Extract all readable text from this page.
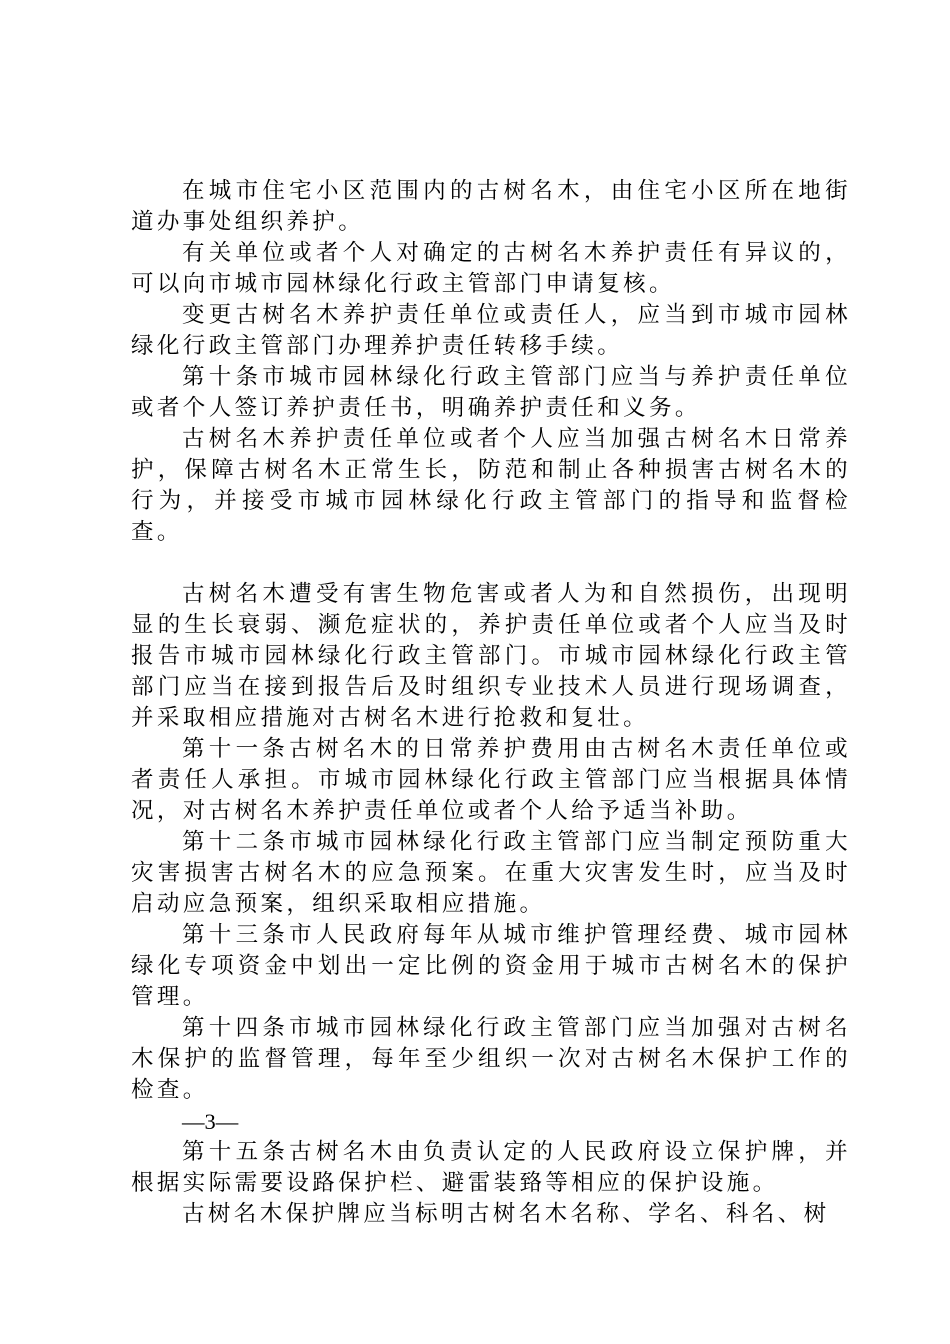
在城市住宅小区范围内的古树名木，由住宅小区所在地街道办事处组织养护。

有关单位或者个人对确定的古树名木养护责任有异议的，可以向市城市园林绿化行政主管部门申请复核。

变更古树名木养护责任单位或责任人，应当到市城市园林绿化行政主管部门办理养护责任转移手续。

第十条市城市园林绿化行政主管部门应当与养护责任单位或者个人签订养护责任书，明确养护责任和义务。

古树名木养护责任单位或者个人应当加强古树名木日常养护，保障古树名木正常生长，防范和制止各种损害古树名木的行为，并接受市城市园林绿化行政主管部门的指导和监督检查。

古树名木遭受有害生物危害或者人为和自然损伤，出现明显的生长衰弱、濒危症状的，养护责任单位或者个人应当及时报告市城市园林绿化行政主管部门。市城市园林绿化行政主管部门应当在接到报告后及时组织专业技术人员进行现场调查，并采取相应措施对古树名木进行抢救和复壮。

第十一条古树名木的日常养护费用由古树名木责任单位或者责任人承担。市城市园林绿化行政主管部门应当根据具体情况，对古树名木养护责任单位或者个人给予适当补助。

第十二条市城市园林绿化行政主管部门应当制定预防重大灾害损害古树名木的应急预案。在重大灾害发生时，应当及时启动应急预案，组织采取相应措施。

第十三条市人民政府每年从城市维护管理经费、城市园林绿化专项资金中划出一定比例的资金用于城市古树名木的保护管理。

第十四条市城市园林绿化行政主管部门应当加强对古树名木保护的监督管理，每年至少组织一次对古树名木保护工作的检查。

—3—

第十五条古树名木由负责认定的人民政府设立保护牌，并根据实际需要设路保护栏、避雷装臵等相应的保护设施。

古树名木保护牌应当标明古树名木名称、学名、科名、树
